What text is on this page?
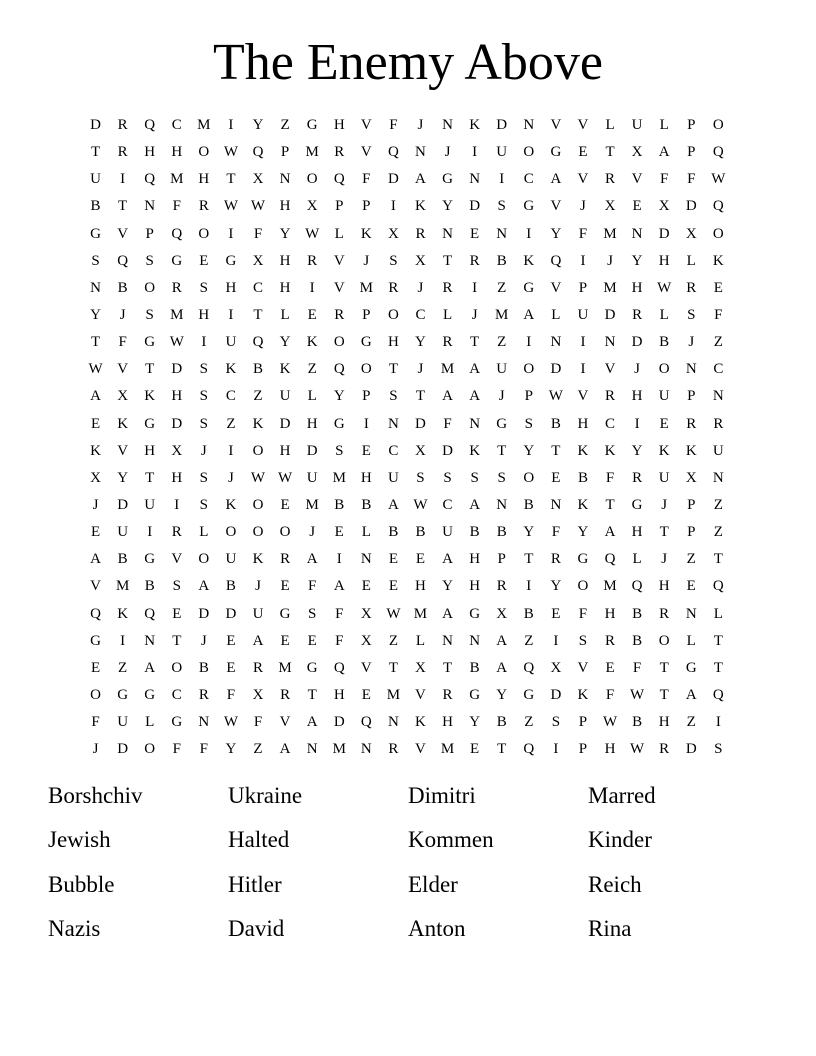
The Enemy Above
D	R	Q	C	M	I	Y	Z	G	H	V	F	J	N	K	D	N	V	V	L	U	L	P	O
T	R	H	H	O W Q	P	M	R	V	Q	N	J	I	U	O	G	E	T	X	A	P	Q
U	I	Q M H	T	X	N	O	Q	F	D	A	G	N	I	C	A	V	R	V	F	F	W
B	T	N	F	R W W H	X	P	P	I	K	Y	D	S	G	V	J	X	E	X	D	Q
G	V	P	Q	O	I	F	Y W	L	K	X	R	N	E	N	I	Y	F	M N	D	X	O
S	Q	S	G	E	G	X	H	R	V	J	S	X	T	R	B	K	Q	I	J	Y	H	L	K
N	B	O	R	S	H	C	H	I	V M	R	J	R	I	Z	G	V	P	M H W R	E
Y	J	S	M H	I	T	L	E	R	P	O	C	L	J	M A	L	U	D	R	L	S	F
T	F	G W	I	U	Q	Y	K	O	G	H	Y	R	T	Z	I	N	I	N	D	B	J	Z
W V	T	D	S	K	B	K	Z	Q	O	T	J	M A	U	O	D	I	V	J	O	N	C
A	X	K	H	S	C	Z	U	L	Y	P	S	T	A	A	J	P	W V	R	H	U	P	N
E	K	G	D	S	Z	K	D	H	G	I	N	D	F	N	G	S	B	H	C	I	E	R	R
K	V	H	X	J	I	O	H	D	S	E	C	X	D	K	T	Y	T	K	K	Y	K	K	U
X	Y	T	H	S	J	W W U M H	U	S	S	S	S	O	E	B	F	R	U	X	N
J	D	U	I	S	K	O	E	M	B	B	A W C	A	N	B	N	K	T	G	J	P	Z
E	U	I	R	L	O	O	O	J	E	L	B	B	U	B	B	Y	F	Y	A	H	T	P	Z
A	B	G	V	O	U	K	R	A	I	N	E	E	A	H	P	T	R	G	Q	L	J	Z	T
V M	B	S	A	B	J	E	F	A	E	E	H	Y	H	R	I	Y	O M Q	H	E	Q
Q	K	Q	E	D	D	U	G	S	F	X W M A	G	X	B	E	F	H	B	R	N	L
G	I	N	T	J	E	A	E	E	F	X	Z	L	N	N	A	Z	I	S	R	B	O	L	T
E	Z	A	O	B	E	R	M G	Q	V	T	X	T	B	A	Q	X	V	E	F	T	G	T
O	G	G	C	R	F	X	R	T	H	E	M V	R	G	Y	G	D	K	F	W	T	A	Q
F	U	L	G	N W	F	V	A	D	Q	N	K	H	Y	B	Z	S	P	W B	H	Z	I
J	D	O	F	F	Y	Z	A	N M N	R	V M	E	T	Q	I	P	H W R	D	S
Borshchiv	Ukraine	Dimitri	Marred
Jewish	Halted	Kommen	Kinder
Bubble	Hitler	Elder	Reich
Nazis	David	Anton	Rina
